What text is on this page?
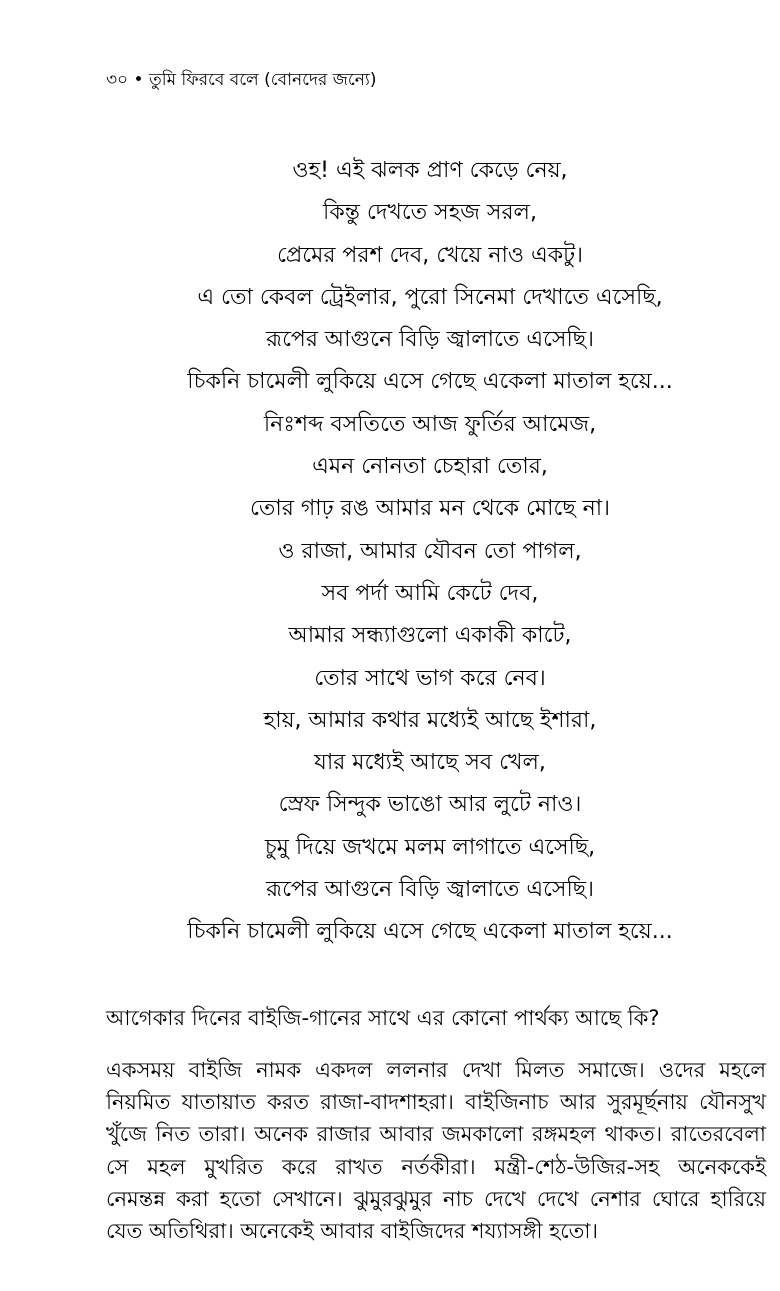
৩০ • তুমি ফিরবে বলে (বোনদের জন্যে)
ওহ! এই ঝলক প্রাণ কেড়ে নেয়,
কিন্তু দেখতে সহজ সরল,
প্রেমের পরশ দেব, খেয়ে নাও একটু।
এ তো কেবল ট্রেইলার, পুরো সিনেমা দেখাতে এসেছি,
রূপের আগুনে বিড়ি জ্বালাতে এসেছি।
চিকনি চামেলী লুকিয়ে এসে গেছে একেলা মাতাল হয়ে...
নিঃশব্দ বসতিতে আজ ফুর্তির আমেজ,
এমন নোনতা চেহারা তোর,
তোর গাঢ় রঙ আমার মন থেকে মোছে না।
ও রাজা, আমার যৌবন তো পাগল,
সব পর্দা আমি কেটে দেব,
আমার সন্ধ্যাগুলো একাকী কাটে,
তোর সাথে ভাগ করে নেব।
হায়, আমার কথার মধ্যেই আছে ইশারা,
যার মধ্যেই আছে সব খেল,
স্রেফ সিন্দুক ভাঙো আর লুটে নাও।
চুমু দিয়ে জখমে মলম লাগাতে এসেছি,
রূপের আগুনে বিড়ি জ্বালাতে এসেছি।
চিকনি চামেলী লুকিয়ে এসে গেছে একেলা মাতাল হয়ে...
আগেকার দিনের বাইজি-গানের সাথে এর কোনো পার্থক্য আছে কি?
একসময় বাইজি নামক একদল ললনার দেখা মিলত সমাজে। ওদের মহলে
নিয়মিত যাতায়াত করত রাজা-বাদশাহরা। বাইজিনাচ আর সুরমূর্ছনায় যৌনসুখ
খুঁজে নিত তারা। অনেক রাজার আবার জমকালো রঙ্গমহল থাকত। রাতেরবেলা
সে মহল মুখরিত করে রাখত নর্তকীরা। মন্ত্রী-শেঠ-উজির-সহ অনেককেই
নেমন্তন্ন করা হতো সেখানে। ঝুমুরঝুমুর নাচ দেখে দেখে নেশার ঘোরে হারিয়ে
যেত অতিথিরা। অনেকেই আবার বাইজিদের শয্যাসঙ্গী হতো।
